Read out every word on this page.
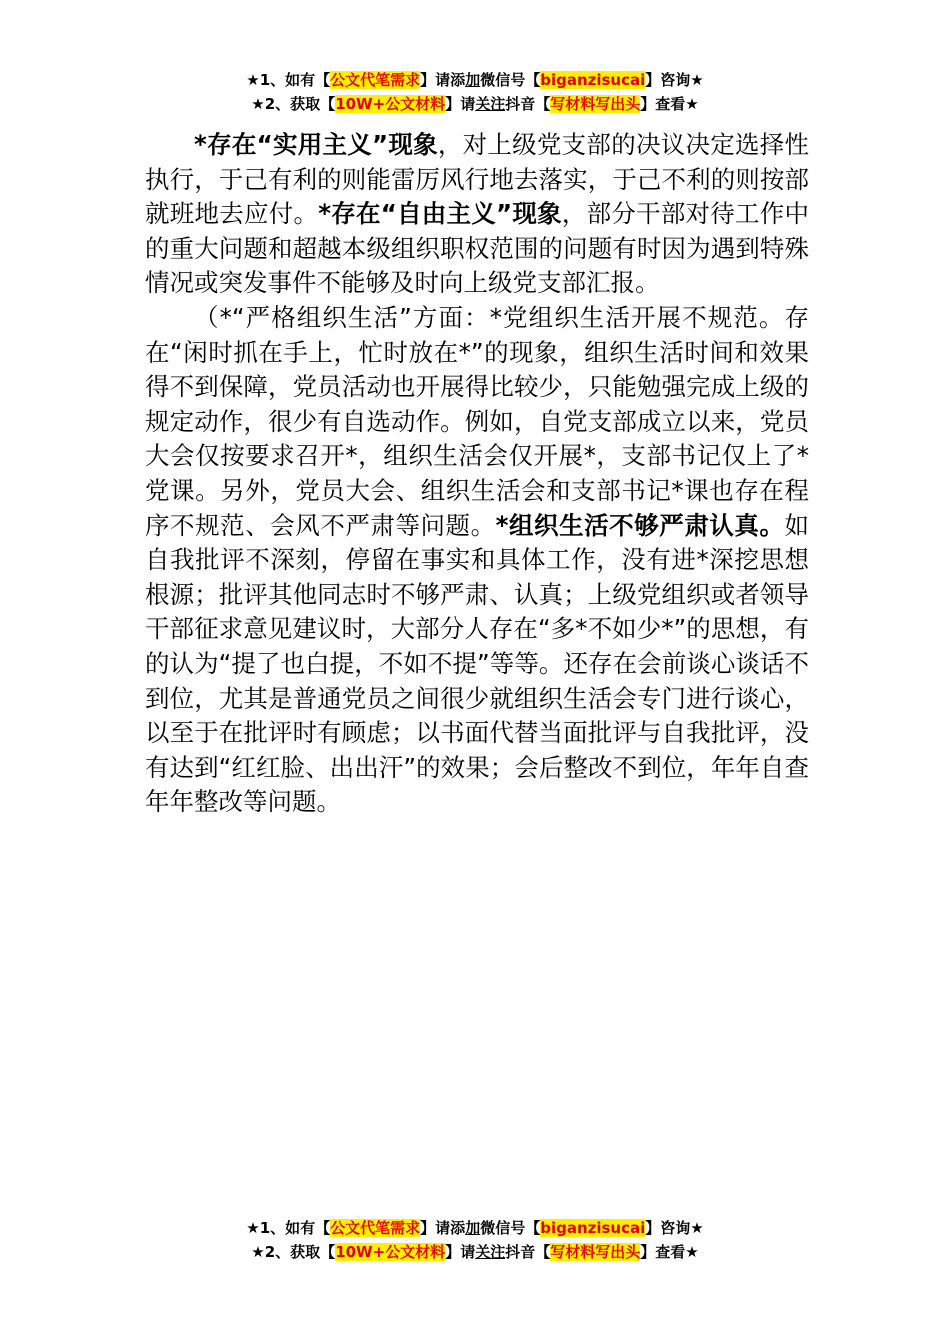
★1、如有【公文代笔需求】请添加微信号【biganzisucai】咨询★
★2、获取【10W+公文材料】请关注抖音【写材料写出头】查看★

*存在“实用主义”现象，对上级党支部的决议决定选择性执行，于己有利的则能雷厉风行地去落实，于己不利的则按部就班地去应付。*存在“自由主义”现象，部分干部对待工作中的重大问题和超越本级组织职权范围的问题有时因为遇到特殊情况或突发事件不能够及时向上级党支部汇报。

（*“严格组织生活”方面：*党组织生活开展不规范。存在“闲时抓在手上，忙时放在*”的现象，组织生活时间和效果得不到保障，党员活动也开展得比较少，只能勉强完成上级的规定动作，很少有自选动作。例如，自党支部成立以来，党员大会仅按要求召开*，组织生活会仅开展*，支部书记仅上了*党课。另外，党员大会、组织生活会和支部书记*课也存在程序不规范、会风不严肃等问题。*组织生活不够严肃认真。如自我批评不深刻，停留在事实和具体工作，没有进*深挖思想根源；批评其他同志时不够严肃、认真；上级党组织或者领导干部征求意见建议时，大部分人存在“多*不如少*”的思想，有的认为“提了也白提，不如不提”等等。还存在会前谈心谈话不到位，尤其是普通党员之间很少就组织生活会专门进行谈心，以至于在批评时有顾虑；以书面代替当面批评与自我批评，没有达到“红红脸、出出汗”的效果；会后整改不到位，年年自查年年整改等问题。

★1、如有【公文代笔需求】请添加微信号【biganzisucai】咨询★
★2、获取【10W+公文材料】请关注抖音【写材料写出头】查看★
